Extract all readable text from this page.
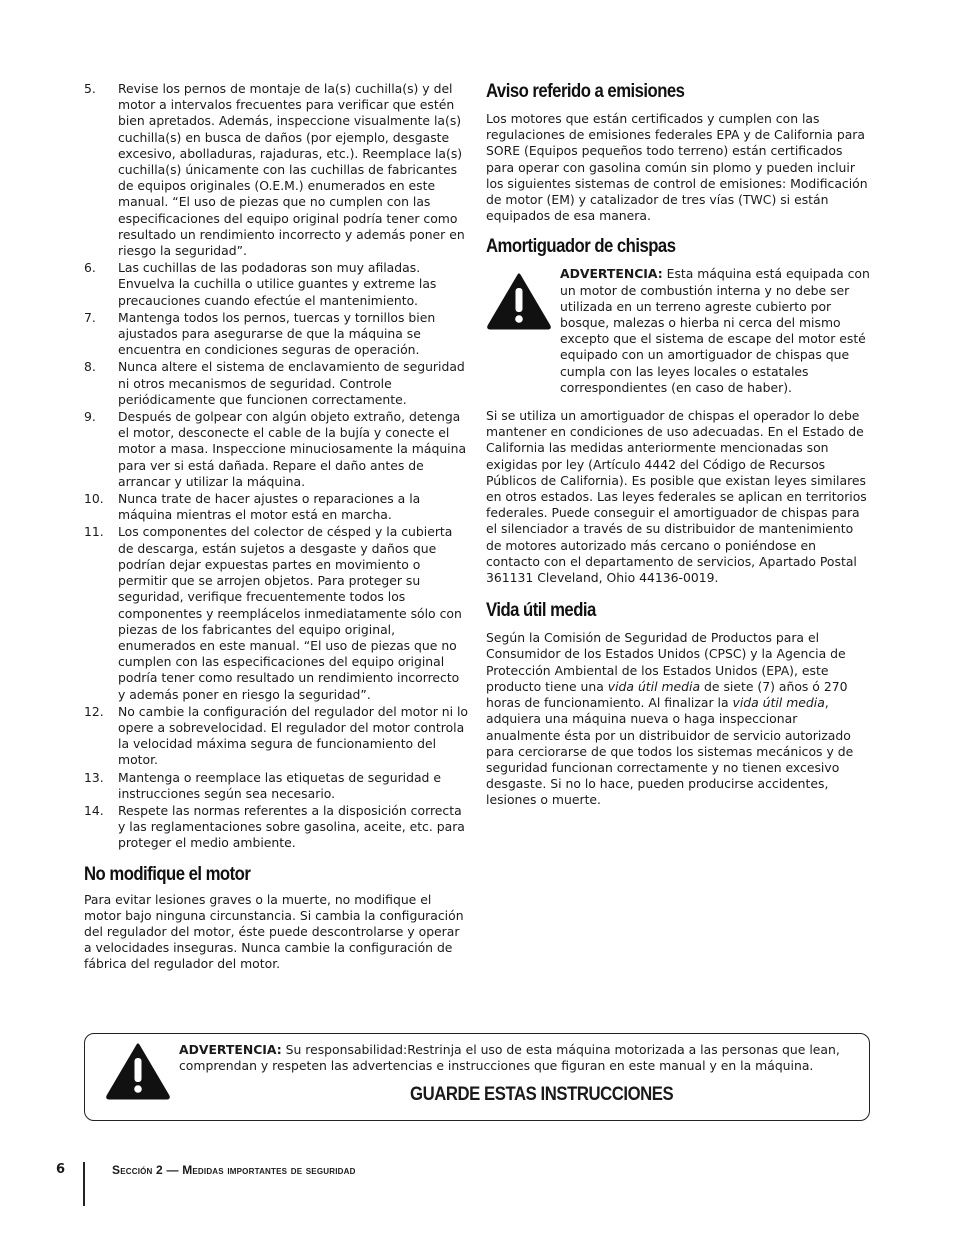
5.	Revise los pernos de montaje de la(s) cuchilla(s) y del motor a intervalos frecuentes para verificar que estén bien apretados. Además, inspeccione visualmente la(s) cuchilla(s) en busca de daños (por ejemplo, desgaste excesivo, abolladuras, rajaduras, etc.). Reemplace la(s) cuchilla(s) únicamente con las cuchillas de fabricantes de equipos originales (O.E.M.) enumerados en este manual. “El uso de piezas que no cumplen con las especificaciones del equipo original podría tener como resultado un rendimiento incorrecto y además poner en riesgo la seguridad”.
6.	Las cuchillas de las podadoras son muy afiladas. Envuelva la cuchilla o utilice guantes y extreme las precauciones cuando efectúe el mantenimiento.
7.	Mantenga todos los pernos, tuercas y tornillos bien ajustados para asegurarse de que la máquina se encuentra en condiciones seguras de operación.
8.	Nunca altere el sistema de enclavamiento de seguridad ni otros mecanismos de seguridad. Controle periódicamente que funcionen correctamente.
9.	Después de golpear con algún objeto extraño, detenga el motor, desconecte el cable de la bujía y conecte el motor a masa. Inspeccione minuciosamente la máquina para ver si está dañada. Repare el daño antes de arrancar y utilizar la máquina.
10.	Nunca trate de hacer ajustes o reparaciones a la máquina mientras el motor está en marcha.
11.	Los componentes del colector de césped y la cubierta de descarga, están sujetos a desgaste y daños que podrían dejar expuestas partes en movimiento o permitir que se arrojen objetos. Para proteger su seguridad, verifique frecuentemente todos los componentes y reemplácelos inmediatamente sólo con piezas de los fabricantes del equipo original, enumerados en este manual. “El uso de piezas que no cumplen con las especificaciones del equipo original podría tener como resultado un rendimiento incorrecto y además poner en riesgo la seguridad”.
12.	No cambie la configuración del regulador del motor ni lo opere a sobrevelocidad. El regulador del motor controla la velocidad máxima segura de funcionamiento del motor.
13.	Mantenga o reemplace las etiquetas de seguridad e instrucciones según sea necesario.
14.	Respete las normas referentes a la disposición correcta y las reglamentaciones sobre gasolina, aceite, etc. para proteger el medio ambiente.
No modifique el motor

Para evitar lesiones graves o la muerte, no modifique el motor bajo ninguna circunstancia. Si cambia la configuración del regulador del motor, éste puede descontrolarse y operar a velocidades inseguras. Nunca cambie la configuración de fábrica del regulador del motor.

Aviso referido a emisiones

Los motores que están certificados y cumplen con las regulaciones de emisiones federales EPA y de California para SORE (Equipos pequeños todo terreno) están certificados para operar con gasolina común sin plomo y pueden incluir los siguientes sistemas de control de emisiones: Modificación de motor (EM) y catalizador de tres vías (TWC) si están equipados de esa manera.

Amortiguador de chispas
ADVERTENCIA: Esta máquina está equipada con un motor de combustión interna y no debe ser utilizada en un terreno agreste cubierto por bosque, malezas o hierba ni cerca del mismo excepto que el sistema de escape del motor esté equipado con un amortiguador de chispas que cumpla con las leyes locales o estatales correspondientes (en caso de haber).

Si se utiliza un amortiguador de chispas el operador lo debe mantener en condiciones de uso adecuadas. En el Estado de California las medidas anteriormente mencionadas son exigidas por ley (Artículo 4442 del Código de Recursos Públicos de California). Es posible que existan leyes similares en otros estados. Las leyes federales se aplican en territorios federales. Puede conseguir el amortiguador de chispas para el silenciador a través de su distribuidor de mantenimiento de motores autorizado más cercano o poniéndose en contacto con el departamento de servicios, Apartado Postal 361131 Cleveland, Ohio 44136-0019.

Vida útil media

Según la Comisión de Seguridad de Productos para el Consumidor de los Estados Unidos (CPSC) y la Agencia de Protección Ambiental de los Estados Unidos (EPA), este producto tiene una vida útil media de siete (7) años ó 270 horas de funcionamiento. Al finalizar la vida útil media, adquiera una máquina nueva o haga inspeccionar anualmente ésta por un distribuidor de servicio autorizado para cerciorarse de que todos los sistemas mecánicos y de seguridad funcionan correctamente y no tienen excesivo desgaste. Si no lo hace, pueden producirse accidentes, lesiones o muerte.

ADVERTENCIA: Su responsabilidad:Restrinja el uso de esta máquina motorizada a las personas que lean, comprendan y respeten las advertencias e instrucciones que figuran en este manual y en la máquina.
GUARDE ESTAS INSTRUCCIONES
6	Sección 2 — Medidas importantes de seguridad
